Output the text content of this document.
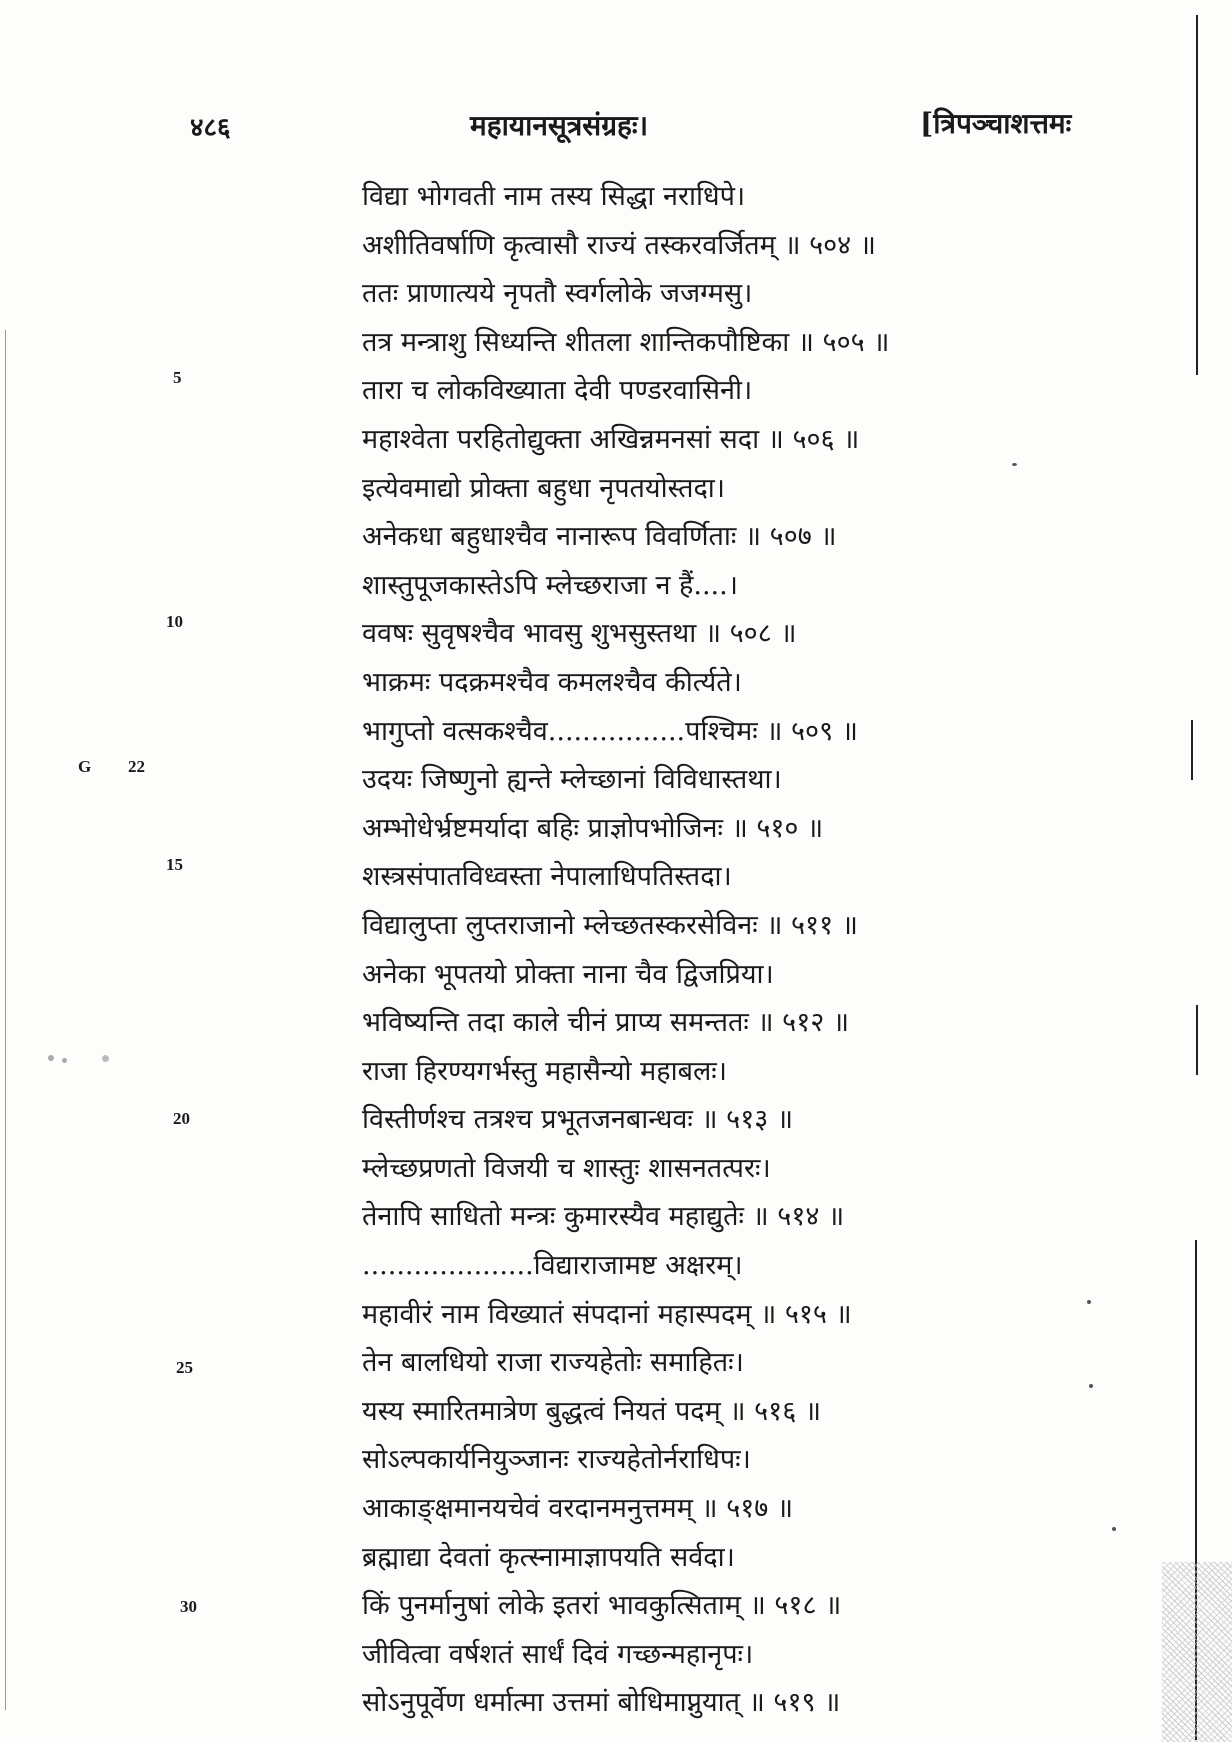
४८६	महायानसूत्रसंग्रहः।	[त्रिपञ्चाशत्तमः
विद्या भोगवती नाम तस्य सिद्धा नराधिपे।
अशीतिवर्षाणि कृत्वासौ राज्यं तस्करवर्जितम् ॥ ५०४ ॥
ततः प्राणात्यये नृपतौ स्वर्गलोके जजग्मसु।
तत्र मन्त्राशु सिध्यन्ति शीतला शान्तिकपौष्टिका ॥ ५०५ ॥
तारा च लोकविख्याता देवी पण्डरवासिनी।
महाश्वेता परहितोद्युक्ता अखिन्नमनसां सदा ॥ ५०६ ॥
इत्येवमाद्यो प्रोक्ता बहुधा नृपतयोस्तदा।
अनेकधा बहुधाश्चैव नानारूप विवर्णिताः ॥ ५०७ ॥
शास्तुपूजकास्तेऽपि म्लेच्छराजा न हैं....।
ववषः सुवृषश्चैव भावसु शुभसुस्तथा ॥ ५०८ ॥
भाक्रमः पदक्रमश्चैव कमलश्चैव कीर्त्यते।
भागुप्तो वत्सकश्चैव................पश्चिमः ॥ ५०९ ॥
उदयः जिष्णुनो ह्यन्ते म्लेच्छानां विविधास्तथा।
अम्भोधेर्भ्रष्टमर्यादा बहिः प्राज्ञोपभोजिनः ॥ ५१० ॥
शस्त्रसंपातविध्वस्ता नेपालाधिपतिस्तदा।
विद्यालुप्ता लुप्तराजानो म्लेच्छतस्करसेविनः ॥ ५११ ॥
अनेका भूपतयो प्रोक्ता नाना चैव द्विजप्रिया।
भविष्यन्ति तदा काले चीनं प्राप्य समन्ततः ॥ ५१२ ॥
राजा हिरण्यगर्भस्तु महासैन्यो महाबलः।
विस्तीर्णश्च तत्रश्च प्रभूतजनबान्धवः ॥ ५१३ ॥
म्लेच्छप्रणतो विजयी च शास्तुः शासनतत्परः।
तेनापि साधितो मन्त्रः कुमारस्यैव महाद्युतेः ॥ ५१४ ॥
....................विद्याराजामष्ट अक्षरम्।
महावीरं नाम विख्यातं संपदानां महास्पदम् ॥ ५१५ ॥
तेन बालधियो राजा राज्यहेतोः समाहितः।
यस्य स्मारितमात्रेण बुद्धत्वं नियतं पदम् ॥ ५१६ ॥
सोऽल्पकार्यनियुञ्जानः राज्यहेतोर्नराधिपः।
आकाङ्क्षमानयचेवं वरदानमनुत्तमम् ॥ ५१७ ॥
ब्रह्माद्या देवतां कृत्स्नामाज्ञापयति सर्वदा।
किं पुनर्मानुषां लोके इतरां भावकुत्सिताम् ॥ ५१८ ॥
जीवित्वा वर्षशतं सार्धं दिवं गच्छन्महानृपः।
सोऽनुपूर्वेण धर्मात्मा उत्तमां बोधिमाप्नुयात् ॥ ५१९ ॥
5
10
15
20
25
30
G 22
